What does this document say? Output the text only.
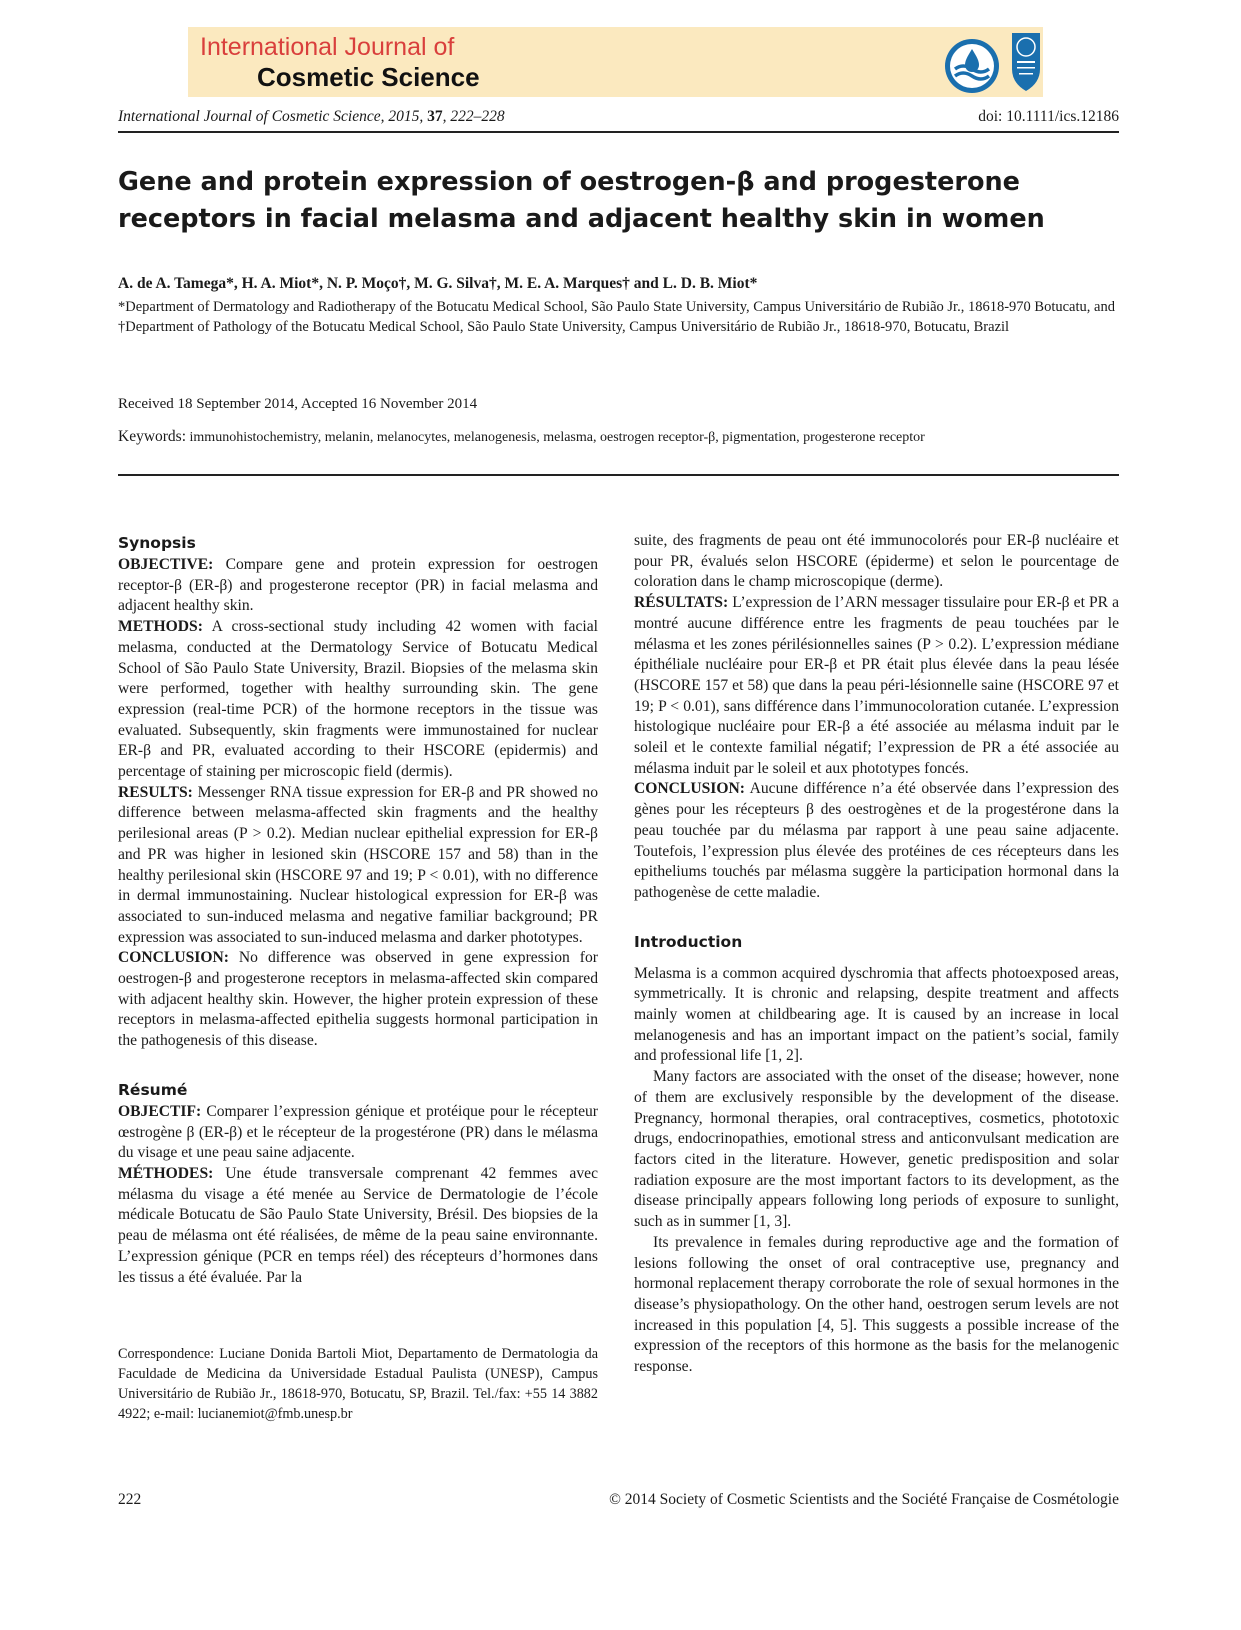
International Journal of
Cosmetic Science
International Journal of Cosmetic Science, 2015, 37, 222–228	doi: 10.1111/ics.12186
Gene and protein expression of oestrogen-β and progesterone receptors in facial melasma and adjacent healthy skin in women
A. de A. Tamega*, H. A. Miot*, N. P. Moço†, M. G. Silva†, M. E. A. Marques† and L. D. B. Miot*
*Department of Dermatology and Radiotherapy of the Botucatu Medical School, São Paulo State University, Campus Universitário de Rubião Jr., 18618-970 Botucatu, and †Department of Pathology of the Botucatu Medical School, São Paulo State University, Campus Universitário de Rubião Jr., 18618-970, Botucatu, Brazil
Received 18 September 2014, Accepted 16 November 2014
Keywords: immunohistochemistry, melanin, melanocytes, melanogenesis, melasma, oestrogen receptor-β, pigmentation, progesterone receptor
Synopsis

OBJECTIVE: Compare gene and protein expression for oestrogen receptor-β (ER-β) and progesterone receptor (PR) in facial melasma and adjacent healthy skin.

METHODS: A cross-sectional study including 42 women with facial melasma, conducted at the Dermatology Service of Botucatu Medical School of São Paulo State University, Brazil. Biopsies of the melasma skin were performed, together with healthy surrounding skin. The gene expression (real-time PCR) of the hormone receptors in the tissue was evaluated. Subsequently, skin fragments were immunostained for nuclear ER-β and PR, evaluated according to their HSCORE (epidermis) and percentage of staining per microscopic field (dermis).

RESULTS: Messenger RNA tissue expression for ER-β and PR showed no difference between melasma-affected skin fragments and the healthy perilesional areas (P > 0.2). Median nuclear epithelial expression for ER-β and PR was higher in lesioned skin (HSCORE 157 and 58) than in the healthy perilesional skin (HSCORE 97 and 19; P < 0.01), with no difference in dermal immunostaining. Nuclear histological expression for ER-β was associated to sun-induced melasma and negative familiar background; PR expression was associated to sun-induced melasma and darker phototypes.

CONCLUSION: No difference was observed in gene expression for oestrogen-β and progesterone receptors in melasma-affected skin compared with adjacent healthy skin. However, the higher protein expression of these receptors in melasma-affected epithelia suggests hormonal participation in the pathogenesis of this disease.

Résumé

OBJECTIF: Comparer l’expression génique et protéique pour le récepteur œstrogène β (ER-β) et le récepteur de la progestérone (PR) dans le mélasma du visage et une peau saine adjacente.

MÉTHODES: Une étude transversale comprenant 42 femmes avec mélasma du visage a été menée au Service de Dermatologie de l’école médicale Botucatu de São Paulo State University, Brésil. Des biopsies de la peau de mélasma ont été réalisées, de même de la peau saine environnante. L’expression génique (PCR en temps réel) des récepteurs d’hormones dans les tissus a été évaluée. Par la

Correspondence: Luciane Donida Bartoli Miot, Departamento de Dermatologia da Faculdade de Medicina da Universidade Estadual Paulista (UNESP), Campus Universitário de Rubião Jr., 18618-970, Botucatu, SP, Brazil. Tel./fax: +55 14 3882 4922; e-mail: lucianemiot@fmb.unesp.br

suite, des fragments de peau ont été immunocolorés pour ER-β nucléaire et pour PR, évalués selon HSCORE (épiderme) et selon le pourcentage de coloration dans le champ microscopique (derme).

RÉSULTATS: L’expression de l’ARN messager tissulaire pour ER-β et PR a montré aucune différence entre les fragments de peau touchées par le mélasma et les zones périlésionnelles saines (P > 0.2). L’expression médiane épithéliale nucléaire pour ER-β et PR était plus élevée dans la peau lésée (HSCORE 157 et 58) que dans la peau péri-lésionnelle saine (HSCORE 97 et 19; P < 0.01), sans différence dans l’immunocoloration cutanée. L’expression histologique nucléaire pour ER-β a été associée au mélasma induit par le soleil et le contexte familial négatif; l’expression de PR a été associée au mélasma induit par le soleil et aux phototypes foncés.

CONCLUSION: Aucune différence n’a été observée dans l’expression des gènes pour les récepteurs β des oestrogènes et de la progestérone dans la peau touchée par du mélasma par rapport à une peau saine adjacente. Toutefois, l’expression plus élevée des protéines de ces récepteurs dans les epitheliums touchés par mélasma suggère la participation hormonal dans la pathogenèse de cette maladie.

Introduction

Melasma is a common acquired dyschromia that affects photoexposed areas, symmetrically. It is chronic and relapsing, despite treatment and affects mainly women at childbearing age. It is caused by an increase in local melanogenesis and has an important impact on the patient’s social, family and professional life [1, 2].

Many factors are associated with the onset of the disease; however, none of them are exclusively responsible by the development of the disease. Pregnancy, hormonal therapies, oral contraceptives, cosmetics, phototoxic drugs, endocrinopathies, emotional stress and anticonvulsant medication are factors cited in the literature. However, genetic predisposition and solar radiation exposure are the most important factors to its development, as the disease principally appears following long periods of exposure to sunlight, such as in summer [1, 3].

Its prevalence in females during reproductive age and the formation of lesions following the onset of oral contraceptive use, pregnancy and hormonal replacement therapy corroborate the role of sexual hormones in the disease’s physiopathology. On the other hand, oestrogen serum levels are not increased in this population [4, 5]. This suggests a possible increase of the expression of the receptors of this hormone as the basis for the melanogenic response.

222	© 2014 Society of Cosmetic Scientists and the Société Française de Cosmétologie
